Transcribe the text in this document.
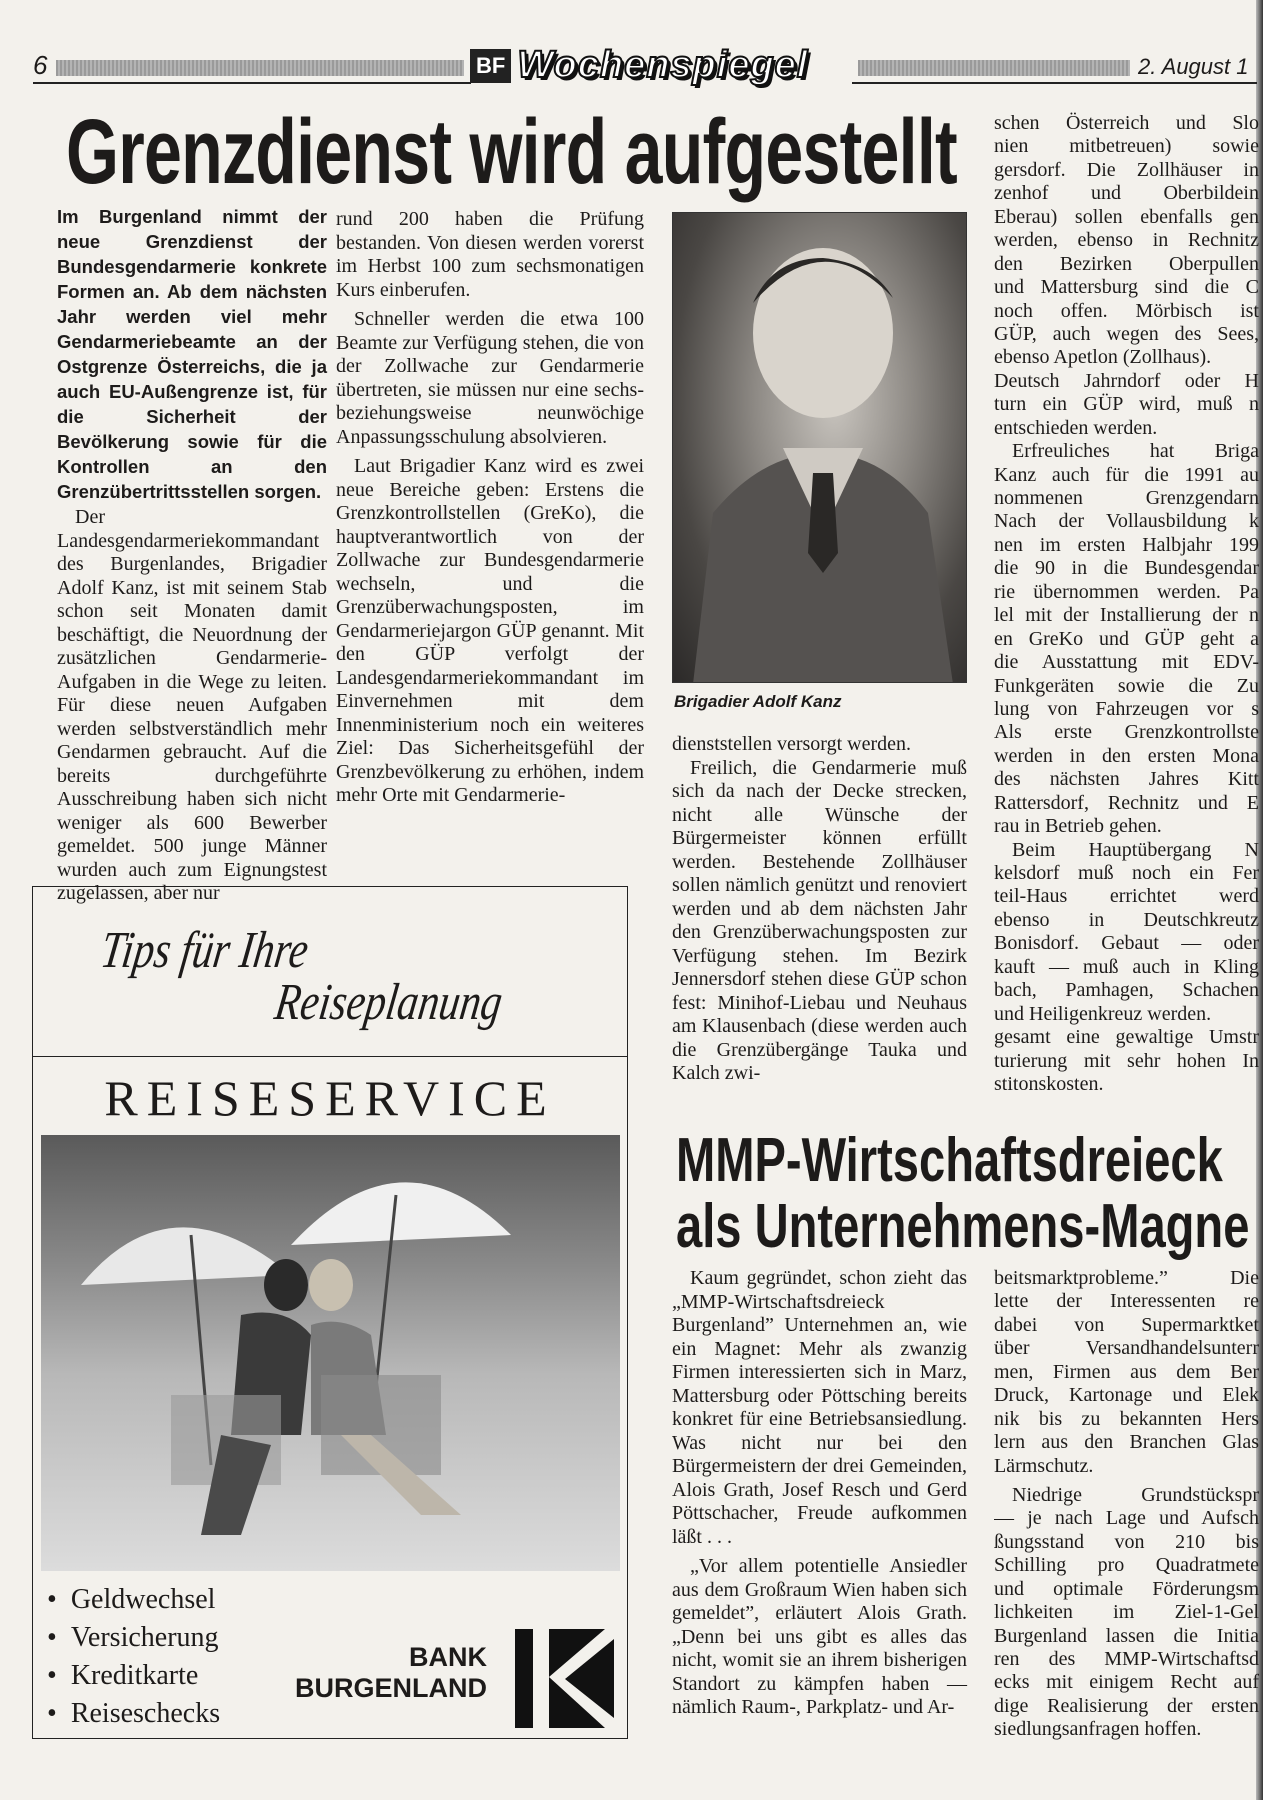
6	BF Wochenspiegel	2. August 1
Grenzdienst wird aufgestellt
Im Burgenland nimmt der neue Grenzdienst der Bundesgendarmerie konkrete Formen an. Ab dem nächsten Jahr werden viel mehr Gendarmeriebeamte an der Ostgrenze Österreichs, die ja auch EU-Außengrenze ist, für die Sicherheit der Bevölkerung sowie für die Kontrollen an den Grenzübertrittsstellen sorgen.

Der Landesgendarmeriekommandant des Burgenlandes, Brigadier Adolf Kanz, ist mit seinem Stab schon seit Monaten damit beschäftigt, die Neuordnung der zusätzlichen Gendarmerie-Aufgaben in die Wege zu leiten. Für diese neuen Aufgaben werden selbstverständlich mehr Gendarmen gebraucht. Auf die bereits durchgeführte Ausschreibung haben sich nicht weniger als 600 Bewerber gemeldet. 500 junge Männer wurden auch zum Eignungstest zugelassen, aber nur

rund 200 haben die Prüfung bestanden. Von diesen werden vorerst im Herbst 100 zum sechsmonatigen Kurs einberufen.

Schneller werden die etwa 100 Beamte zur Verfügung stehen, die von der Zollwache zur Gendarmerie übertreten, sie müssen nur eine sechs- beziehungsweise neunwöchige Anpassungsschulung absolvieren.

Laut Brigadier Kanz wird es zwei neue Bereiche geben: Erstens die Grenzkontrollstellen (GreKo), die hauptverantwortlich von der Zollwache zur Bundesgendarmerie wechseln, und die Grenzüberwachungsposten, im Gendarmeriejargon GÜP genannt. Mit den GÜP verfolgt der Landesgendarmeriekommandant im Einvernehmen mit dem Innenministerium noch ein weiteres Ziel: Das Sicherheitsgefühl der Grenzbevölkerung zu erhöhen, indem mehr Orte mit Gendarmerie-

Brigadier Adolf Kanz

dienststellen versorgt werden.

Freilich, die Gendarmerie muß sich da nach der Decke strecken, nicht alle Wünsche der Bürgermeister können erfüllt werden. Bestehende Zollhäuser sollen nämlich genützt und renoviert werden und ab dem nächsten Jahr den Grenzüberwachungsposten zur Verfügung stehen. Im Bezirk Jennersdorf stehen diese GÜP schon fest: Minihof-Liebau und Neuhaus am Klausenbach (diese werden auch die Grenzübergänge Tauka und Kalch zwi-

schen Österreich und Slo
nien mitbetreuen) sowie
gersdorf. Die Zollhäuser in
zenhof und Oberbildein
Eberau) sollen ebenfalls gen
werden, ebenso in Rechnitz
den Bezirken Oberpullen
und Mattersburg sind die C
noch offen. Mörbisch ist
GÜP, auch wegen des Sees,
ebenso Apetlon (Zollhaus).
Deutsch Jahrndorf oder H
turn ein GÜP wird, muß n
entschieden werden.
Erfreuliches hat Briga
Kanz auch für die 1991 au
nommenen Grenzgendarn
Nach der Vollausbildung k
nen im ersten Halbjahr 199
die 90 in die Bundesgendar
rie übernommen werden. Pa
lel mit der Installierung der n
en GreKo und GÜP geht a
die Ausstattung mit EDV-
Funkgeräten sowie die Zu
lung von Fahrzeugen vor s
Als erste Grenzkontrollste
werden in den ersten Mona
des nächsten Jahres Kitt
Rattersdorf, Rechnitz und E
rau in Betrieb gehen.
Beim Hauptübergang N
kelsdorf muß noch ein Fer
teil-Haus errichtet werd
ebenso in Deutschkreutz
Bonisdorf. Gebaut — oder
kauft — muß auch in Kling
bach, Pamhagen, Schachen
und Heiligenkreuz werden.
gesamt eine gewaltige Umstr
turierung mit sehr hohen In
stitonskosten.
Tips für Ihre
Reiseplanung
REISESERVICE
• Geldwechsel
• Versicherung
• Kreditkarte
• Reiseschecks
BANK
BURGENLAND
MMP-Wirtschaftsdreieck
als Unternehmens-Magne

Kaum gegründet, schon zieht das „MMP-Wirtschaftsdreieck Burgenland” Unternehmen an, wie ein Magnet: Mehr als zwanzig Firmen interessierten sich in Marz, Mattersburg oder Pöttsching bereits konkret für eine Betriebsansiedlung. Was nicht nur bei den Bürgermeistern der drei Gemeinden, Alois Grath, Josef Resch und Gerd Pöttschacher, Freude aufkommen läßt . . .

„Vor allem potentielle Ansiedler aus dem Großraum Wien haben sich gemeldet”, erläutert Alois Grath. „Denn bei uns gibt es alles das nicht, womit sie an ihrem bisherigen Standort zu kämpfen haben — nämlich Raum-, Parkplatz- und Ar-

beitsmarktprobleme.” Die
lette der Interessenten re
dabei von Supermarktket
über Versandhandelsunterr
men, Firmen aus dem Ber
Druck, Kartonage und Elek
nik bis zu bekannten Hers
lern aus den Branchen Glas
Lärmschutz.
Niedrige Grundstückspr
— je nach Lage und Aufsch
ßungsstand von 210 bis
Schilling pro Quadratmete
und optimale Förderungsm
lichkeiten im Ziel-1-Gel
Burgenland lassen die Initia
ren des MMP-Wirtschaftsd
ecks mit einigem Recht auf
dige Realisierung der ersten
siedlungsanfragen hoffen.
